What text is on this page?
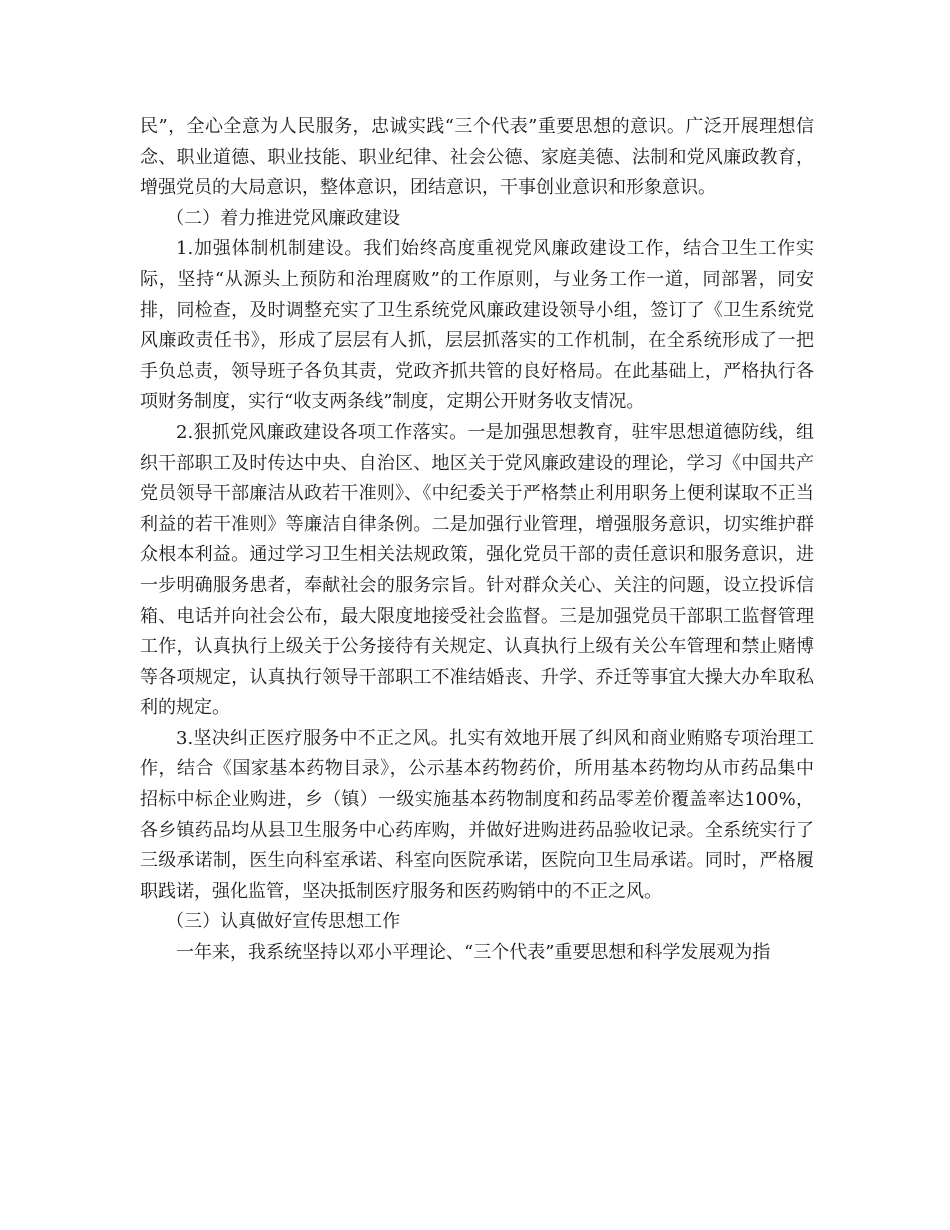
民”，全心全意为人民服务，忠诚实践“三个代表”重要思想的意识。广泛开展理想信念、职业道德、职业技能、职业纪律、社会公德、家庭美德、法制和党风廉政教育，增强党员的大局意识，整体意识，团结意识，干事创业意识和形象意识。

（二）着力推进党风廉政建设

1.加强体制机制建设。我们始终高度重视党风廉政建设工作，结合卫生工作实际，坚持“从源头上预防和治理腐败”的工作原则，与业务工作一道，同部署，同安排，同检查，及时调整充实了卫生系统党风廉政建设领导小组，签订了《卫生系统党风廉政责任书》，形成了层层有人抓，层层抓落实的工作机制，在全系统形成了一把手负总责，领导班子各负其责，党政齐抓共管的良好格局。在此基础上，严格执行各项财务制度，实行“收支两条线”制度，定期公开财务收支情况。

2.狠抓党风廉政建设各项工作落实。一是加强思想教育，驻牢思想道德防线，组织干部职工及时传达中央、自治区、地区关于党风廉政建设的理论，学习《中国共产党员领导干部廉洁从政若干准则》、《中纪委关于严格禁止利用职务上便利谋取不正当利益的若干准则》等廉洁自律条例。二是加强行业管理，增强服务意识，切实维护群众根本利益。通过学习卫生相关法规政策，强化党员干部的责任意识和服务意识，进一步明确服务患者，奉献社会的服务宗旨。针对群众关心、关注的问题，设立投诉信箱、电话并向社会公布，最大限度地接受社会监督。三是加强党员干部职工监督管理工作，认真执行上级关于公务接待有关规定、认真执行上级有关公车管理和禁止赌博等各项规定，认真执行领导干部职工不准结婚丧、升学、乔迁等事宜大操大办牟取私利的规定。

3.坚决纠正医疗服务中不正之风。扎实有效地开展了纠风和商业贿赂专项治理工作，结合《国家基本药物目录》，公示基本药物药价，所用基本药物均从市药品集中招标中标企业购进，乡（镇）一级实施基本药物制度和药品零差价覆盖率达100%，各乡镇药品均从县卫生服务中心药库购，并做好进购进药品验收记录。全系统实行了三级承诺制，医生向科室承诺、科室向医院承诺，医院向卫生局承诺。同时，严格履职践诺，强化监管，坚决抵制医疗服务和医药购销中的不正之风。

（三）认真做好宣传思想工作

一年来，我系统坚持以邓小平理论、“三个代表”重要思想和科学发展观为指
